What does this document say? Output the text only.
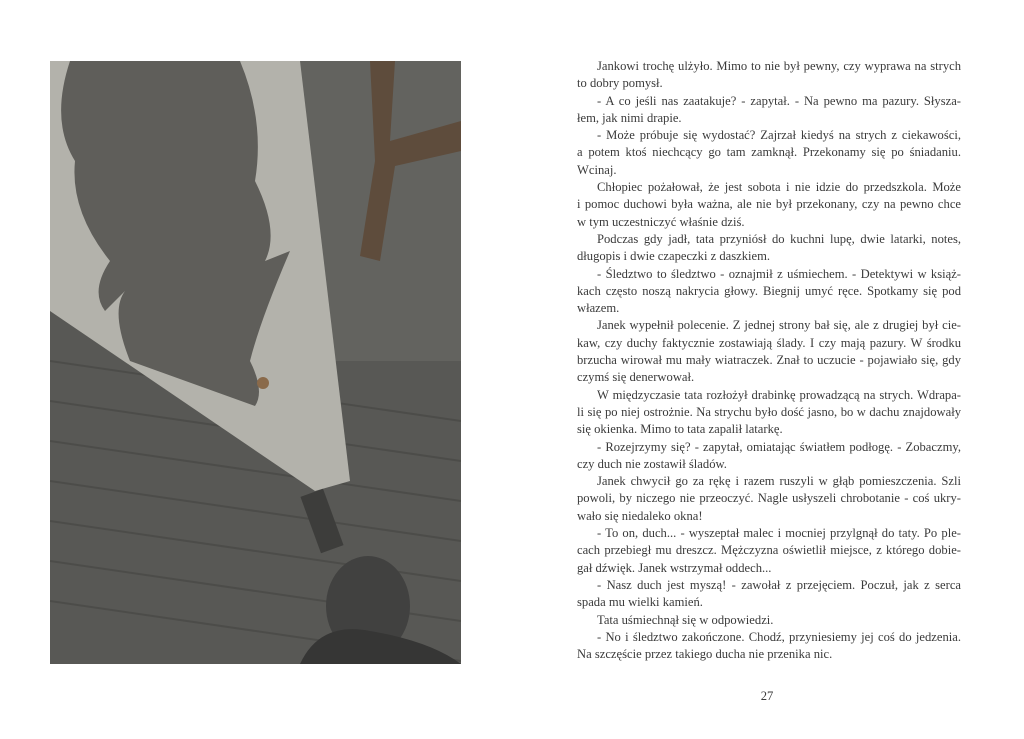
Jankowi trochę ulżyło. Mimo to nie był pewny, czy wyprawa na strych
to dobry pomysł.
- A co jeśli nas zaatakuje? - zapytał. - Na pewno ma pazury. Słysza-
łem, jak nimi drapie.
- Może próbuje się wydostać? Zajrzał kiedyś na strych z ciekawości,
a potem ktoś niechcący go tam zamknął. Przekonamy się po śniadaniu.
Wcinaj.
Chłopiec pożałował, że jest sobota i nie idzie do przedszkola. Może
i pomoc duchowi była ważna, ale nie był przekonany, czy na pewno chce
w tym uczestniczyć właśnie dziś.
Podczas gdy jadł, tata przyniósł do kuchni lupę, dwie latarki, notes,
długopis i dwie czapeczki z daszkiem.
- Śledztwo to śledztwo - oznajmił z uśmiechem. - Detektywi w książ-
kach często noszą nakrycia głowy. Biegnij umyć ręce. Spotkamy się pod
włazem.
Janek wypełnił polecenie. Z jednej strony bał się, ale z drugiej był cie-
kaw, czy duchy faktycznie zostawiają ślady. I czy mają pazury. W środku
brzucha wirował mu mały wiatraczek. Znał to uczucie - pojawiało się, gdy
czymś się denerwował.
W międzyczasie tata rozłożył drabinkę prowadzącą na strych. Wdrapa-
li się po niej ostrożnie. Na strychu było dość jasno, bo w dachu znajdowały
się okienka. Mimo to tata zapalił latarkę.
- Rozejrzymy się? - zapytał, omiatając światłem podłogę. - Zobaczmy,
czy duch nie zostawił śladów.
Janek chwycił go za rękę i razem ruszyli w głąb pomieszczenia. Szli
powoli, by niczego nie przeoczyć. Nagle usłyszeli chrobotanie - coś ukry-
wało się niedaleko okna!
- To on, duch... - wyszeptał malec i mocniej przylgnął do taty. Po ple-
cach przebiegł mu dreszcz. Mężczyzna oświetlił miejsce, z którego dobie-
gał dźwięk. Janek wstrzymał oddech...
- Nasz duch jest myszą! - zawołał z przejęciem. Poczuł, jak z serca
spada mu wielki kamień.
Tata uśmiechnął się w odpowiedzi.
- No i śledztwo zakończone. Chodź, przyniesiemy jej coś do jedzenia.
Na szczęście przez takiego ducha nie przenika nic.
27
